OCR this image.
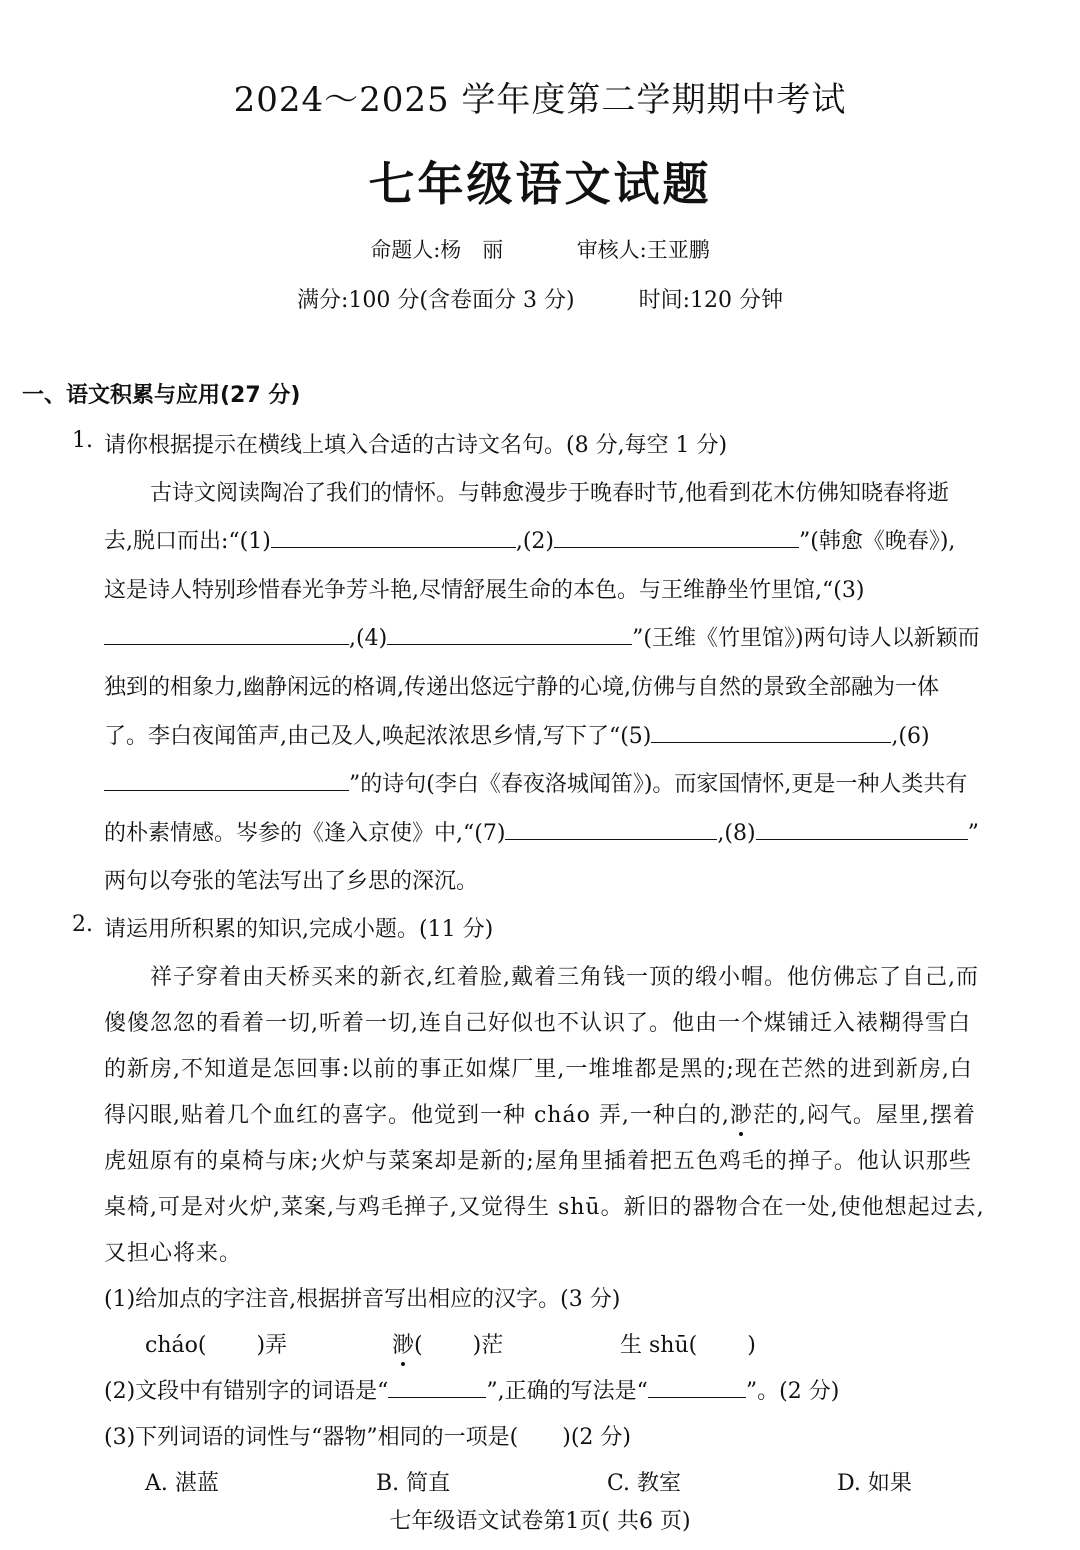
2024～2025 学年度第二学期期中考试
七年级语文试题
命题人:杨　丽	审核人:王亚鹏
满分:100 分(含卷面分 3 分)	时间:120 分钟
一、语文积累与应用(27 分)
1. 请你根据提示在横线上填入合适的古诗文名句。(8 分,每空 1 分)
古诗文阅读陶冶了我们的情怀。与韩愈漫步于晚春时节,他看到花木仿佛知晓春将逝
去,脱口而出:“(1)	,(2)	”(韩愈《晚春》),
这是诗人特别珍惜春光争芳斗艳,尽情舒展生命的本色。与王维静坐竹里馆,“(3)
,(4)	”(王维《竹里馆》)两句诗人以新颖而
独到的相象力,幽静闲远的格调,传递出悠远宁静的心境,仿佛与自然的景致全部融为一体
了。李白夜闻笛声,由己及人,唤起浓浓思乡情,写下了“(5)	,(6)
”的诗句(李白《春夜洛城闻笛》)。而家国情怀,更是一种人类共有
的朴素情感。岑参的《逢入京使》中,“(7)	,(8)	”
两句以夸张的笔法写出了乡思的深沉。
2. 请运用所积累的知识,完成小题。(11 分)
祥子穿着由天桥买来的新衣,红着脸,戴着三角钱一顶的缎小帽。他仿佛忘了自己,而
傻傻忽忽的看着一切,听着一切,连自己好似也不认识了。他由一个煤铺迁入裱糊得雪白
的新房,不知道是怎回事:以前的事正如煤厂里,一堆堆都是黑的;现在芒然的进到新房,白
得闪眼,贴着几个血红的喜字。他觉到一种 cháo 弄,一种白的,渺茫的,闷气。屋里,摆着
虎妞原有的桌椅与床;火炉与菜案却是新的;屋角里插着把五色鸡毛的掸子。他认识那些
桌椅,可是对火炉,菜案,与鸡毛掸子,又觉得生 shū。新旧的器物合在一处,使他想起过去,
又担心将来。
(1)给加点的字注音,根据拼音写出相应的汉字。(3 分)
cháo( )弄	渺( )茫	生 shū( )
(2)文段中有错别字的词语是“	”,正确的写法是“	”。(2 分)
(3)下列词语的词性与“器物”相同的一项是(　　)(2 分)
A. 湛蓝	B. 简直	C. 教室	D. 如果
七年级语文试卷第1页( 共6 页)
